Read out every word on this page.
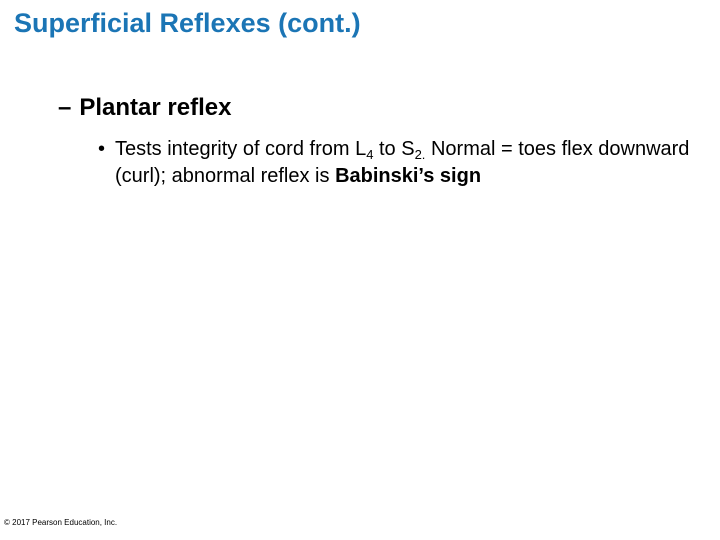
Superficial Reflexes (cont.)
– Plantar reflex
• Tests integrity of cord from $L_4$ to $S_{2.}$ Normal = toes flex downward (curl); abnormal reflex is Babinski’s sign
© 2017 Pearson Education, Inc.
